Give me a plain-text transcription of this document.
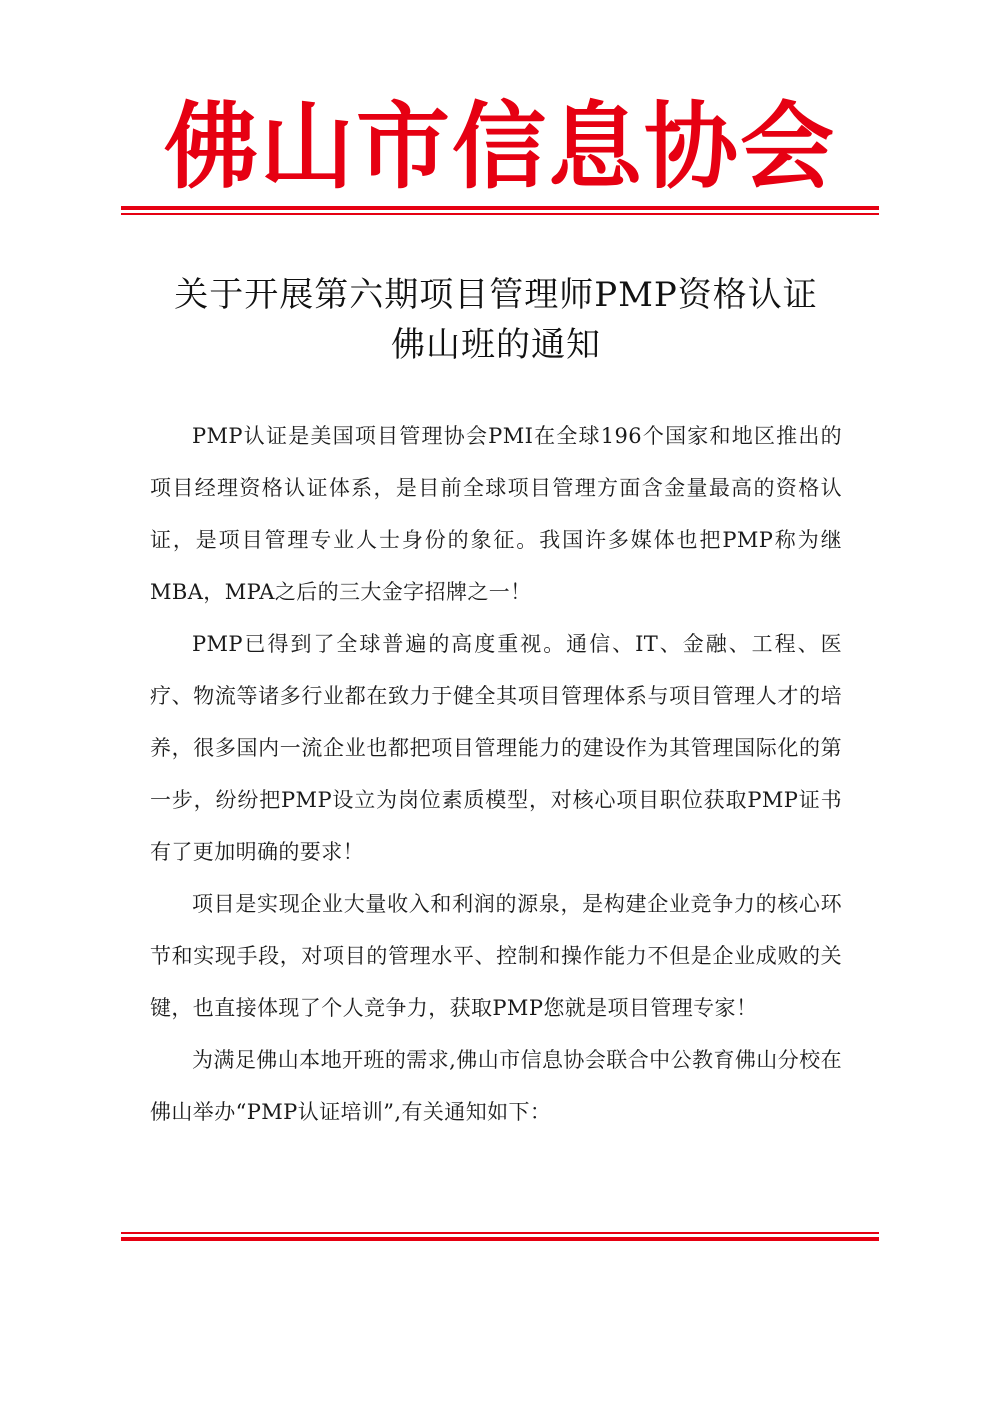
佛山市信息协会
关于开展第六期项目管理师PMP资格认证
佛山班的通知

PMP认证是美国项目管理协会PMI在全球196个国家和地区推出的项目经理资格认证体系，是目前全球项目管理方面含金量最高的资格认证，是项目管理专业人士身份的象征。我国许多媒体也把PMP称为继MBA，MPA之后的三大金字招牌之一！

PMP已得到了全球普遍的高度重视。通信、IT、金融、工程、医疗、物流等诸多行业都在致力于健全其项目管理体系与项目管理人才的培养，很多国内一流企业也都把项目管理能力的建设作为其管理国际化的第一步，纷纷把PMP设立为岗位素质模型，对核心项目职位获取PMP证书有了更加明确的要求！

项目是实现企业大量收入和利润的源泉，是构建企业竞争力的核心环节和实现手段，对项目的管理水平、控制和操作能力不但是企业成败的关键，也直接体现了个人竞争力，获取PMP您就是项目管理专家！

为满足佛山本地开班的需求,佛山市信息协会联合中公教育佛山分校在佛山举办“PMP认证培训”,有关通知如下：
